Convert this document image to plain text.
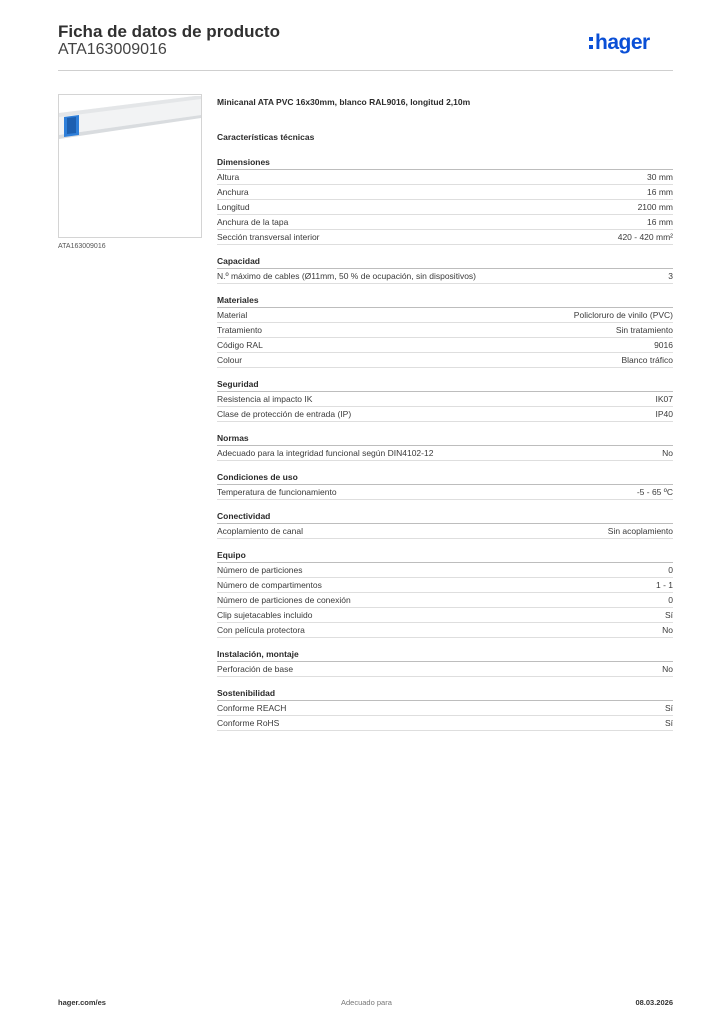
Ficha de datos de producto
ATA163009016	hager
ATA163009016
Minicanal ATA PVC 16x30mm, blanco RAL9016, longitud 2,10m
Características técnicas
Dimensiones
Altura	30 mm
Anchura	16 mm
Longitud	2100 mm
Anchura de la tapa	16 mm
Sección transversal interior	420 - 420 mm²
Capacidad
N.º máximo de cables (Ø11mm, 50 % de ocupación, sin dispositivos)	3
Materiales
Material	Policloruro de vinilo (PVC)
Tratamiento	Sin tratamiento
Código RAL	9016
Colour	Blanco tráfico
Seguridad
Resistencia al impacto IK	IK07
Clase de protección de entrada (IP)	IP40
Normas
Adecuado para la integridad funcional según DIN4102-12	No
Condiciones de uso
Temperatura de funcionamiento	-5 - 65 ºC
Conectividad
Acoplamiento de canal	Sin acoplamiento
Equipo
Número de particiones	0
Número de compartimentos	1 - 1
Número de particiones de conexión	0
Clip sujetacables incluido	Sí
Con película protectora	No
Instalación, montaje
Perforación de base	No
Sostenibilidad
Conforme REACH	Sí
Conforme RoHS	Sí
hager.com/es	Adecuado para	08.03.2026
